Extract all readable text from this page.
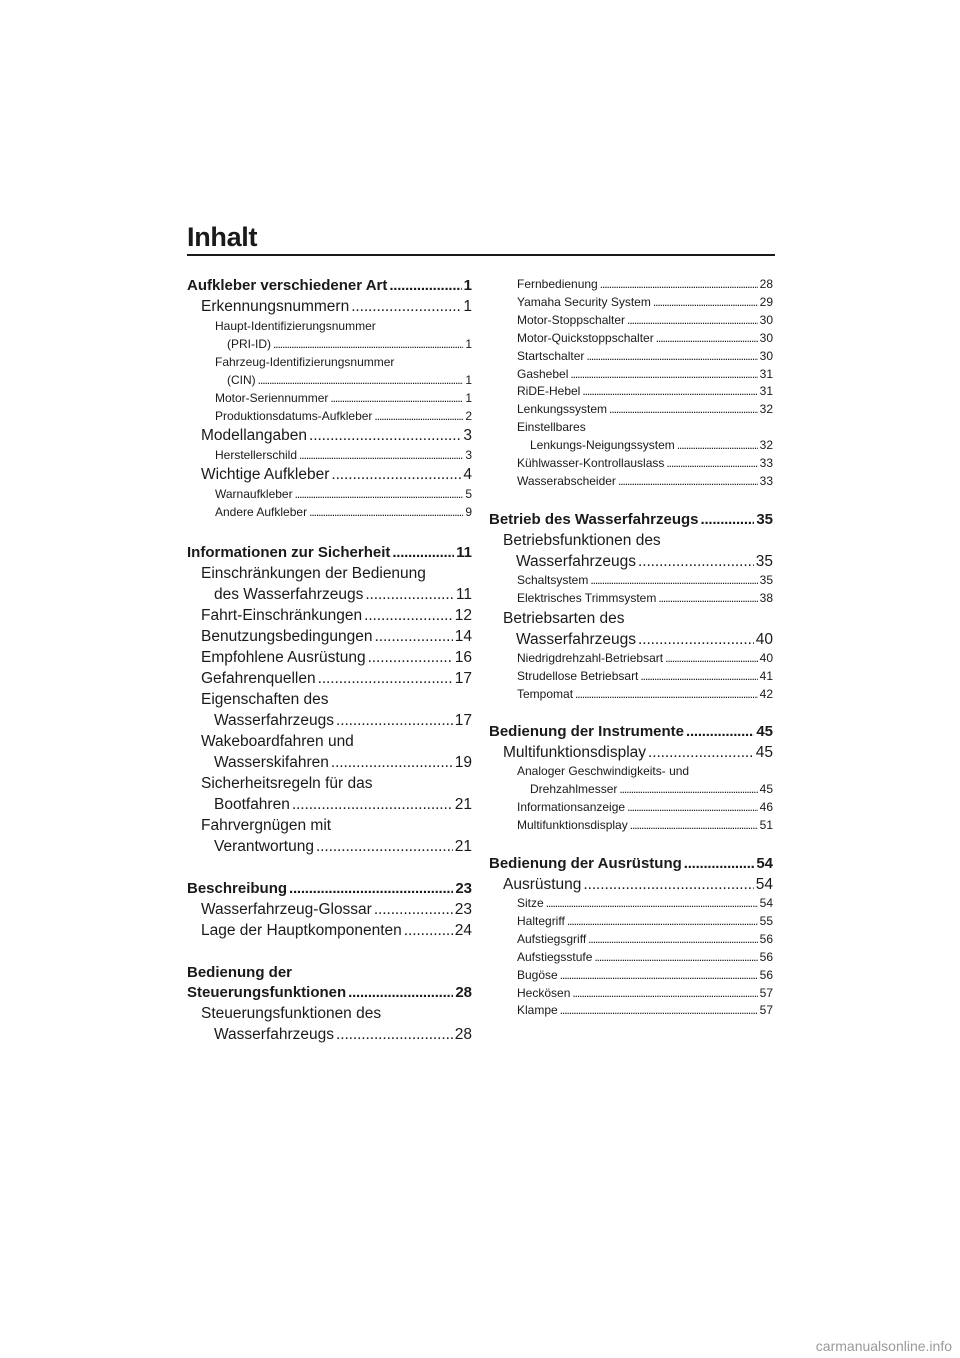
Inhalt
Aufkleber verschiedener Art . . .	1
Erkennungsnummern . . .	1
Haupt-Identifizierungsnummer
(PRI-ID) . . .	1
Fahrzeug-Identifizierungsnummer
(CIN) . . .	1
Motor-Seriennummer . . .	1
Produktionsdatums-Aufkleber . . .	2
Modellangaben . . .	3
Herstellerschild . . .	3
Wichtige Aufkleber . . .	4
Warnaufkleber . . .	5
Andere Aufkleber . . .	9
Informationen zur Sicherheit . . .	11
Einschränkungen der Bedienung
des Wasserfahrzeugs . . .	11
Fahrt-Einschränkungen . . .	12
Benutzungsbedingungen . . .	14
Empfohlene Ausrüstung . . .	16
Gefahrenquellen . . .	17
Eigenschaften des
Wasserfahrzeugs . . .	17
Wakeboardfahren und
Wasserskifahren . . .	19
Sicherheitsregeln für das
Bootfahren . . .	21
Fahrvergnügen mit
Verantwortung . . .	21
Beschreibung . . .	23
Wasserfahrzeug-Glossar . . .	23
Lage der Hauptkomponenten . . .	24
Bedienung der
Steuerungsfunktionen . . .	28
Steuerungsfunktionen des
Wasserfahrzeugs . . .	28
Fernbedienung . . .	28
Yamaha Security System . . .	29
Motor-Stoppschalter . . .	30
Motor-Quickstoppschalter . . .	30
Startschalter . . .	30
Gashebel . . .	31
RiDE-Hebel . . .	31
Lenkungssystem . . .	32
Einstellbares
Lenkungs-Neigungssystem . . .	32
Kühlwasser-Kontrollauslass . . .	33
Wasserabscheider . . .	33
Betrieb des Wasserfahrzeugs . . .	35
Betriebsfunktionen des
Wasserfahrzeugs . . .	35
Schaltsystem . . .	35
Elektrisches Trimmsystem . . .	38
Betriebsarten des
Wasserfahrzeugs . . .	40
Niedrigdrehzahl-Betriebsart . . .	40
Strudellose Betriebsart . . .	41
Tempomat . . .	42
Bedienung der Instrumente . . .	45
Multifunktionsdisplay . . .	45
Analoger Geschwindigkeits- und
Drehzahlmesser . . .	45
Informationsanzeige . . .	46
Multifunktionsdisplay . . .	51
Bedienung der Ausrüstung . . .	54
Ausrüstung . . .	54
Sitze . . .	54
Haltegriff . . .	55
Aufstiegsgriff . . .	56
Aufstiegsstufe . . .	56
Bugöse . . .	56
Heckösen . . .	57
Klampe . . .	57
carmanualsonline.info
